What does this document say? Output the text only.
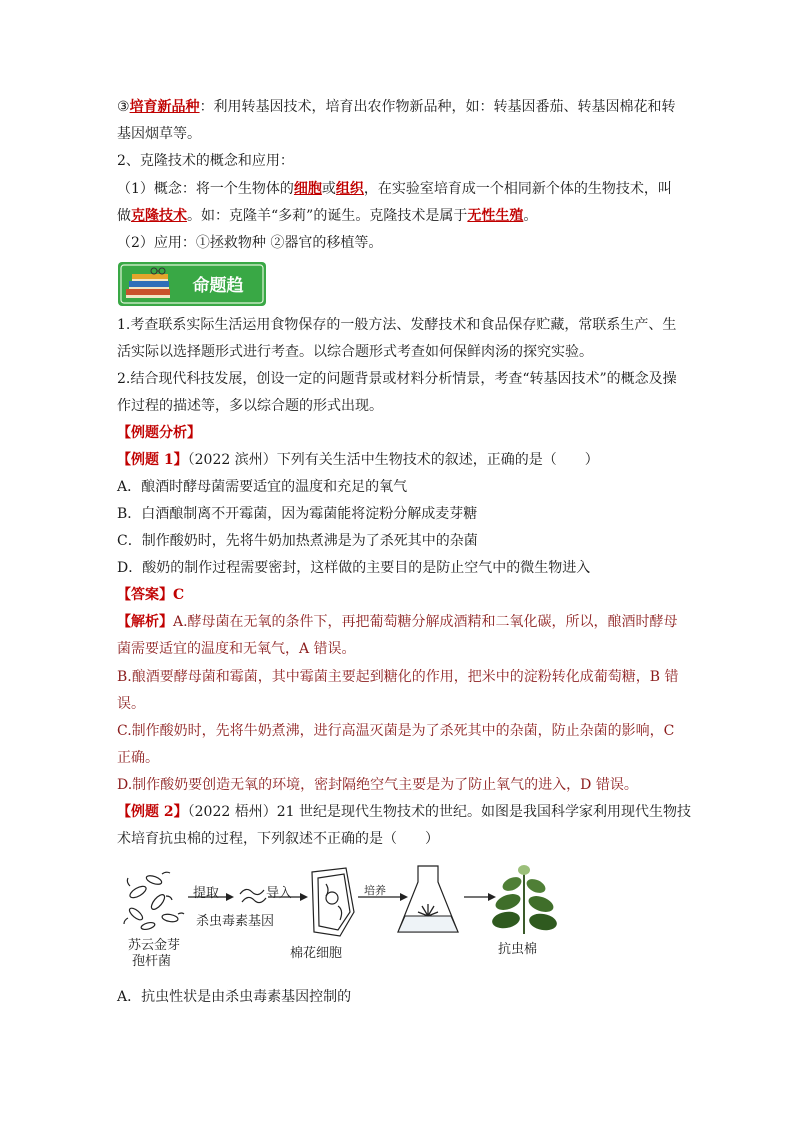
③培育新品种：利用转基因技术，培育出农作物新品种，如：转基因番茄、转基因棉花和转
基因烟草等。
2、克隆技术的概念和应用：
（1）概念：将一个生物体的细胞或组织，在实验室培育成一个相同新个体的生物技术，叫
做克隆技术。如：克隆羊“多莉”的诞生。克隆技术是属于无性生殖。
（2）应用：①拯救物种 ②器官的移植等。
命题趋
1.考查联系实际生活运用食物保存的一般方法、发酵技术和食品保存贮藏，常联系生产、生
活实际以选择题形式进行考查。以综合题形式考查如何保鲜肉汤的探究实验。
2.结合现代科技发展，创设一定的问题背景或材料分析情景，考查“转基因技术”的概念及操
作过程的描述等，多以综合题的形式出现。
【例题分析】
【例题 1】（2022 滨州）下列有关生活中生物技术的叙述，正确的是（　　）
A．酿酒时酵母菌需要适宜的温度和充足的氧气
B．白酒酿制离不开霉菌，因为霉菌能将淀粉分解成麦芽糖
C．制作酸奶时，先将牛奶加热煮沸是为了杀死其中的杂菌
D．酸奶的制作过程需要密封，这样做的主要目的是防止空气中的微生物进入
【答案】C
【解析】A.酵母菌在无氧的条件下，再把葡萄糖分解成酒精和二氧化碳，所以，酿酒时酵母
菌需要适宜的温度和无氧气，A 错误。
B.酿酒要酵母菌和霉菌，其中霉菌主要起到糖化的作用，把米中的淀粉转化成葡萄糖，B 错
误。
C.制作酸奶时，先将牛奶煮沸，进行高温灭菌是为了杀死其中的杂菌，防止杂菌的影响，C
正确。
D.制作酸奶要创造无氧的环境，密封隔绝空气主要是为了防止氧气的进入，D 错误。
【例题 2】（2022 梧州）21 世纪是现代生物技术的世纪。如图是我国科学家利用现代生物技
术培育抗虫棉的过程，下列叙述不正确的是（　　）
提取	导入	培养
杀虫毒素基因
苏云金芽
孢杆菌
棉花细胞	抗虫棉
A．抗虫性状是由杀虫毒素基因控制的
